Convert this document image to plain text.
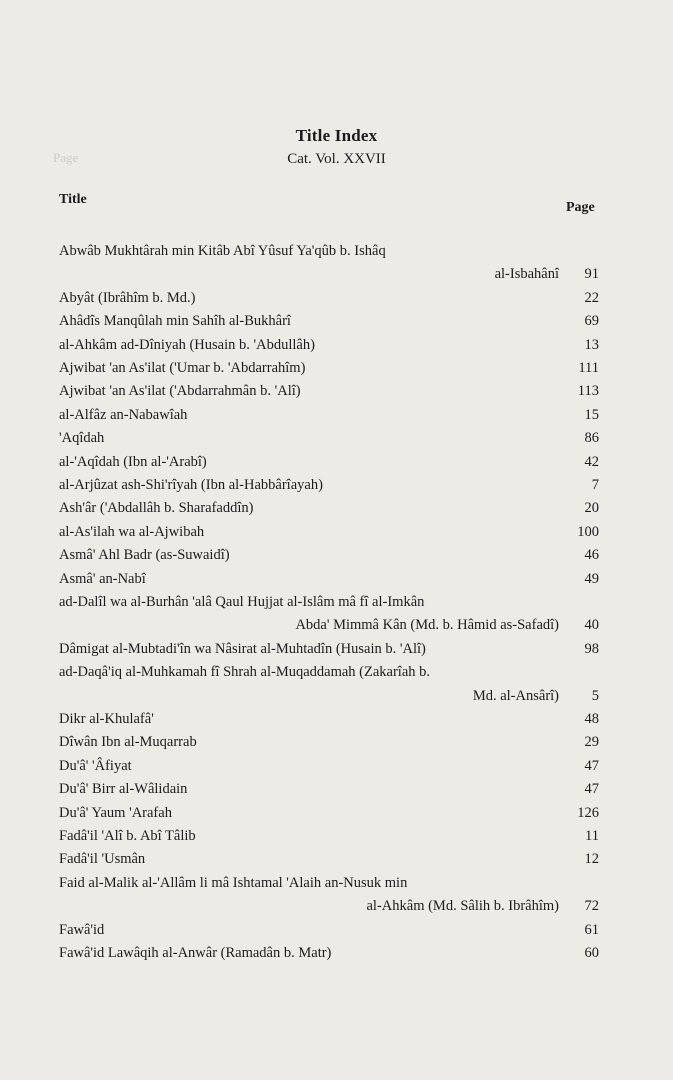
Page
Title Index
Cat. Vol. XXVII
Title
Page
Abwâb Mukhtârah min Kitâb Abî Yûsuf Ya'qûb b. Ishâq
al-Isbahânî 91
Abyât (Ibrâhîm b. Md.)	22
Ahâdîs Manqûlah min Sahîh al-Bukhârî	69
al-Ahkâm ad-Dîniyah (Husain b. 'Abdullâh)	13
Ajwibat 'an As'ilat ('Umar b. 'Abdarrahîm)	111
Ajwibat 'an As'ilat ('Abdarrahmân b. 'Alî)	113
al-Alfâz an-Nabawîah	15
'Aqîdah	86
al-'Aqîdah (Ibn al-'Arabî)	42
al-Arjûzat ash-Shi'rîyah (Ibn al-Habbârîayah)	7
Ash'âr ('Abdallâh b. Sharafaddîn)	20
al-As'ilah wa al-Ajwibah	100
Asmâ' Ahl Badr (as-Suwaidî)	46
Asmâ' an-Nabî	49
ad-Dalîl wa al-Burhân 'alâ Qaul Hujjat al-Islâm mâ fî al-Imkân
Abda' Mimmâ Kân (Md. b. Hâmid as-Safadî) 40
Dâmigat al-Mubtadi'în wa Nâsirat al-Muhtadîn (Husain b. 'Alî)	98
ad-Daqâ'iq al-Muhkamah fî Shrah al-Muqaddamah (Zakarîah b.
Md. al-Ansârî) 5
Dikr al-Khulafâ'	48
Dîwân Ibn al-Muqarrab	29
Du'â' 'Âfiyat	47
Du'â' Birr al-Wâlidain	47
Du'â' Yaum 'Arafah	126
Fadâ'il 'Alî b. Abî Tâlib	11
Fadâ'il 'Usmân	12
Faid al-Malik al-'Allâm li mâ Ishtamal 'Alaih an-Nusuk min
al-Ahkâm (Md. Sâlih b. Ibrâhîm) 72
Fawâ'id	61
Fawâ'id Lawâqih al-Anwâr (Ramadân b. Matr)	60
